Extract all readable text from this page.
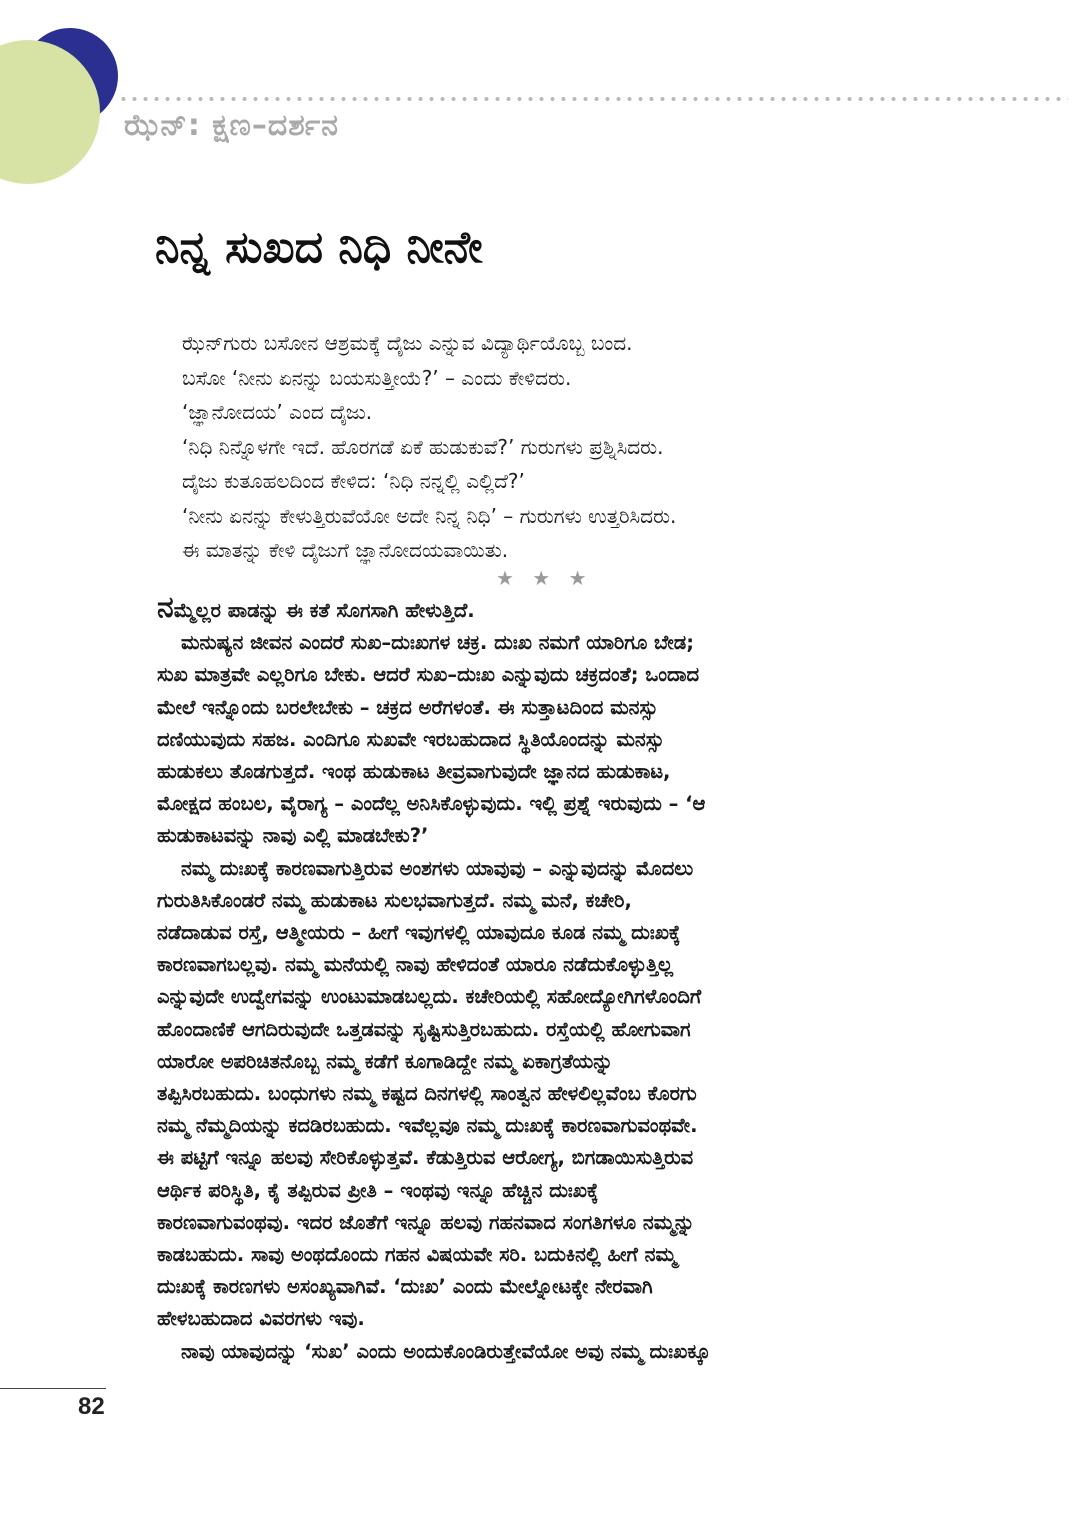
ಝೆನ್: ಕ್ಷಣ–ದರ್ಶನ
ನಿನ್ನ ಸುಖದ ನಿಧಿ ನೀನೇ
ಝೆನ್‌ಗುರು ಬಸೋನ ಆಶ್ರಮಕ್ಕೆ ದೈಜು ಎನ್ನುವ ವಿದ್ಯಾರ್ಥಿಯೊಬ್ಬ ಬಂದ.
ಬಸೋ ‘ನೀನು ಏನನ್ನು ಬಯಸುತ್ತೀಯೆ?’ – ಎಂದು ಕೇಳಿದರು.
‘ಜ್ಞಾನೋದಯ’ ಎಂದ ದೈಜು.
‘ನಿಧಿ ನಿನ್ನೊಳಗೇ ಇದೆ. ಹೊರಗಡೆ ಏಕೆ ಹುಡುಕುವೆ?’ ಗುರುಗಳು ಪ್ರಶ್ನಿಸಿದರು.
ದೈಜು ಕುತೂಹಲದಿಂದ ಕೇಳಿದ: ‘ನಿಧಿ ನನ್ನಲ್ಲಿ ಎಲ್ಲಿದೆ?’
‘ನೀನು ಏನನ್ನು ಕೇಳುತ್ತಿರುವೆಯೋ ಅದೇ ನಿನ್ನ ನಿಧಿ’ – ಗುರುಗಳು ಉತ್ತರಿಸಿದರು.
ಈ ಮಾತನ್ನು ಕೇಳಿ ದೈಜುಗೆ ಜ್ಞಾನೋದಯವಾಯಿತು.
★ ★ ★
ನಮ್ಮೆಲ್ಲರ ಪಾಡನ್ನು ಈ ಕತೆ ಸೊಗಸಾಗಿ ಹೇಳುತ್ತಿದೆ.
ಮನುಷ್ಯನ ಜೀವನ ಎಂದರೆ ಸುಖ–ದುಃಖಗಳ ಚಕ್ರ. ದುಃಖ ನಮಗೆ ಯಾರಿಗೂ ಬೇಡ;
ಸುಖ ಮಾತ್ರವೇ ಎಲ್ಲರಿಗೂ ಬೇಕು. ಆದರೆ ಸುಖ–ದುಃಖ ಎನ್ನುವುದು ಚಕ್ರದಂತೆ; ಒಂದಾದ
ಮೇಲೆ ಇನ್ನೊಂದು ಬರಲೇಬೇಕು – ಚಕ್ರದ ಅರೆಗಳಂತೆ. ಈ ಸುತ್ತಾಟದಿಂದ ಮನಸ್ಸು
ದಣಿಯುವುದು ಸಹಜ. ಎಂದಿಗೂ ಸುಖವೇ ಇರಬಹುದಾದ ಸ್ಥಿತಿಯೊಂದನ್ನು ಮನಸ್ಸು
ಹುಡುಕಲು ತೊಡಗುತ್ತದೆ. ಇಂಥ ಹುಡುಕಾಟ ತೀವ್ರವಾಗುವುದೇ ಜ್ಞಾನದ ಹುಡುಕಾಟ,
ಮೋಕ್ಷದ ಹಂಬಲ, ವೈರಾಗ್ಯ – ಎಂದೆಲ್ಲ ಅನಿಸಿಕೊಳ್ಳುವುದು. ಇಲ್ಲಿ ಪ್ರಶ್ನೆ ಇರುವುದು – ‘ಆ
ಹುಡುಕಾಟವನ್ನು ನಾವು ಎಲ್ಲಿ ಮಾಡಬೇಕು?’
ನಮ್ಮ ದುಃಖಕ್ಕೆ ಕಾರಣವಾಗುತ್ತಿರುವ ಅಂಶಗಳು ಯಾವುವು – ಎನ್ನುವುದನ್ನು ಮೊದಲು
ಗುರುತಿಸಿಕೊಂಡರೆ ನಮ್ಮ ಹುಡುಕಾಟ ಸುಲಭವಾಗುತ್ತದೆ. ನಮ್ಮ ಮನೆ, ಕಚೇರಿ,
ನಡೆದಾಡುವ ರಸ್ತೆ, ಆತ್ಮೀಯರು – ಹೀಗೆ ಇವುಗಳಲ್ಲಿ ಯಾವುದೂ ಕೂಡ ನಮ್ಮ ದುಃಖಕ್ಕೆ
ಕಾರಣವಾಗಬಲ್ಲವು. ನಮ್ಮ ಮನೆಯಲ್ಲಿ ನಾವು ಹೇಳಿದಂತೆ ಯಾರೂ ನಡೆದುಕೊಳ್ಳುತ್ತಿಲ್ಲ
ಎನ್ನುವುದೇ ಉದ್ವೇಗವನ್ನು ಉಂಟುಮಾಡಬಲ್ಲದು. ಕಚೇರಿಯಲ್ಲಿ ಸಹೋದ್ಯೋಗಿಗಳೊಂದಿಗೆ
ಹೊಂದಾಣಿಕೆ ಆಗದಿರುವುದೇ ಒತ್ತಡವನ್ನು ಸೃಷ್ಟಿಸುತ್ತಿರಬಹುದು. ರಸ್ತೆಯಲ್ಲಿ ಹೋಗುವಾಗ
ಯಾರೋ ಅಪರಿಚಿತನೊಬ್ಬ ನಮ್ಮ ಕಡೆಗೆ ಕೂಗಾಡಿದ್ದೇ ನಮ್ಮ ಏಕಾಗ್ರತೆಯನ್ನು
ತಪ್ಪಿಸಿರಬಹುದು. ಬಂಧುಗಳು ನಮ್ಮ ಕಷ್ಟದ ದಿನಗಳಲ್ಲಿ ಸಾಂತ್ವನ ಹೇಳಲಿಲ್ಲವೆಂಬ ಕೊರಗು
ನಮ್ಮ ನೆಮ್ಮದಿಯನ್ನು ಕದಡಿರಬಹುದು. ಇವೆಲ್ಲವೂ ನಮ್ಮ ದುಃಖಕ್ಕೆ ಕಾರಣವಾಗುವಂಥವೇ.
ಈ ಪಟ್ಟಿಗೆ ಇನ್ನೂ ಹಲವು ಸೇರಿಕೊಳ್ಳುತ್ತವೆ. ಕೆಡುತ್ತಿರುವ ಆರೋಗ್ಯ, ಬಿಗಡಾಯಿಸುತ್ತಿರುವ
ಆರ್ಥಿಕ ಪರಿಸ್ಥಿತಿ, ಕೈ ತಪ್ಪಿರುವ ಪ್ರೀತಿ – ಇಂಥವು ಇನ್ನೂ ಹೆಚ್ಚಿನ ದುಃಖಕ್ಕೆ
ಕಾರಣವಾಗುವಂಥವು. ಇದರ ಜೊತೆಗೆ ಇನ್ನೂ ಹಲವು ಗಹನವಾದ ಸಂಗತಿಗಳೂ ನಮ್ಮನ್ನು
ಕಾಡಬಹುದು. ಸಾವು ಅಂಥದೊಂದು ಗಹನ ವಿಷಯವೇ ಸರಿ. ಬದುಕಿನಲ್ಲಿ ಹೀಗೆ ನಮ್ಮ
ದುಃಖಕ್ಕೆ ಕಾರಣಗಳು ಅಸಂಖ್ಯವಾಗಿವೆ. ‘ದುಃಖ’ ಎಂದು ಮೇಲ್ನೋಟಕ್ಕೇ ನೇರವಾಗಿ
ಹೇಳಬಹುದಾದ ವಿವರಗಳು ಇವು.
ನಾವು ಯಾವುದನ್ನು ‘ಸುಖ’ ಎಂದು ಅಂದುಕೊಂಡಿರುತ್ತೇವೆಯೋ ಅವು ನಮ್ಮ ದುಃಖಕ್ಕೂ
82
